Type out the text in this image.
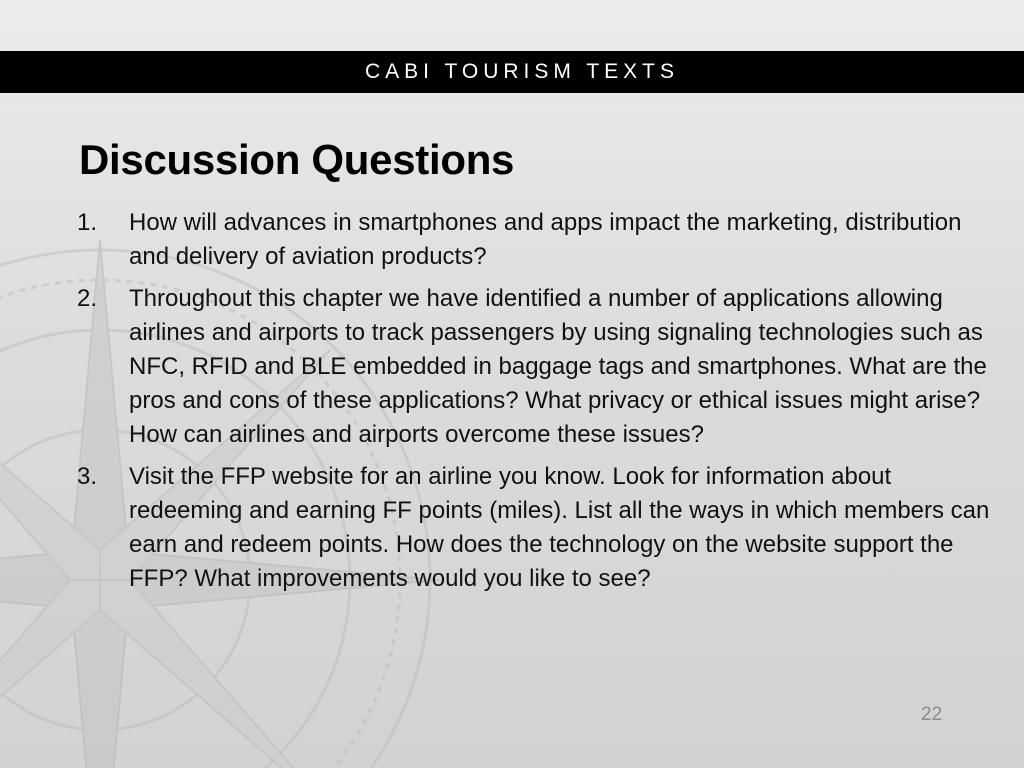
CABI TOURISM TEXTS
Discussion Questions
1. How will advances in smartphones and apps impact the marketing, distribution and delivery of aviation products?
2. Throughout this chapter we have identified a number of applications allowing airlines and airports to track passengers by using signaling technologies such as NFC, RFID and BLE embedded in baggage tags and smartphones. What are the pros and cons of these applications? What privacy or ethical issues might arise? How can airlines and airports overcome these issues?
3. Visit the FFP website for an airline you know. Look for information about redeeming and earning FF points (miles). List all the ways in which members can earn and redeem points. How does the technology on the website support the FFP? What improvements would you like to see?
22
